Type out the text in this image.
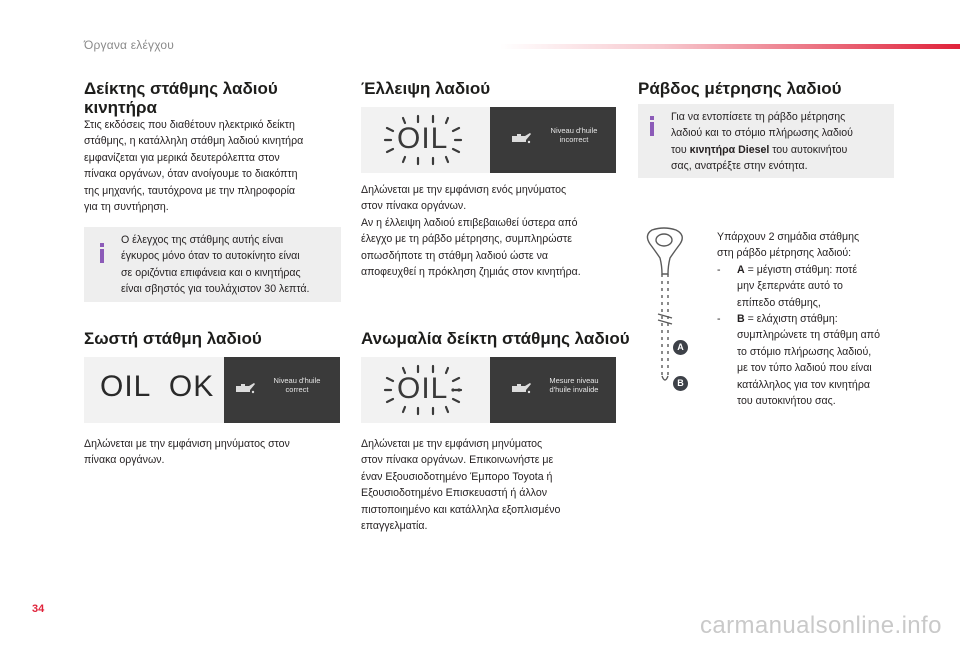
Όργανα ελέγχου
Δείκτης στάθμης λαδιού
κινητήρα
Στις εκδόσεις που διαθέτουν ηλεκτρικό δείκτη
στάθμης, η κατάλληλη στάθμη λαδιού κινητήρα
εμφανίζεται για μερικά δευτερόλεπτα στον
πίνακα οργάνων, όταν ανοίγουμε το διακόπτη
της μηχανής, ταυτόχρονα με την πληροφορία
για τη συντήρηση.
Ο έλεγχος της στάθμης αυτής είναι
έγκυρος μόνο όταν το αυτοκίνητο είναι
σε οριζόντια επιφάνεια και ο κινητήρας
είναι σβηστός για τουλάχιστον 30 λεπτά.
Σωστή στάθμη λαδιού
OIL  OK	Niveau d'huile
correct
Δηλώνεται με την εμφάνιση μηνύματος στον
πίνακα οργάνων.
Έλλειψη λαδιού
OIL	Niveau d'huile
incorrect
Δηλώνεται με την εμφάνιση ενός μηνύματος
στον πίνακα οργάνων.
Αν η έλλειψη λαδιού επιβεβαιωθεί ύστερα από
έλεγχο με τη ράβδο μέτρησης, συμπληρώστε
οπωσδήποτε τη στάθμη λαδιού ώστε να
αποφευχθεί η πρόκληση ζημιάς στον κινητήρα.
Ανωμαλία δείκτη στάθμης λαδιού
OIL	Mesure niveau
d'huile invalide
Δηλώνεται με την εμφάνιση μηνύματος
στον πίνακα οργάνων. Επικοινωνήστε με
έναν Εξουσιοδοτημένο Έμπορο Toyota ή
Εξουσιοδοτημένο Επισκευαστή ή άλλον
πιστοποιημένο και κατάλληλα εξοπλισμένο
επαγγελματία.
Ράβδος μέτρησης λαδιού
Για να εντοπίσετε τη ράβδο μέτρησης
λαδιού και το στόμιο πλήρωσης λαδιού
του κινητήρα Diesel του αυτοκινήτου
σας, ανατρέξτε στην ενότητα.
A
B
Υπάρχουν 2 σημάδια στάθμης
στη ράβδο μέτρησης λαδιού:
- A = μέγιστη στάθμη: ποτέ
μην ξεπερνάτε αυτό το
επίπεδο στάθμης,
- B = ελάχιστη στάθμη:
συμπληρώνετε τη στάθμη από
το στόμιο πλήρωσης λαδιού,
με τον τύπο λαδιού που είναι
κατάλληλος για τον κινητήρα
του αυτοκινήτου σας.
34
carmanualsonline.info
